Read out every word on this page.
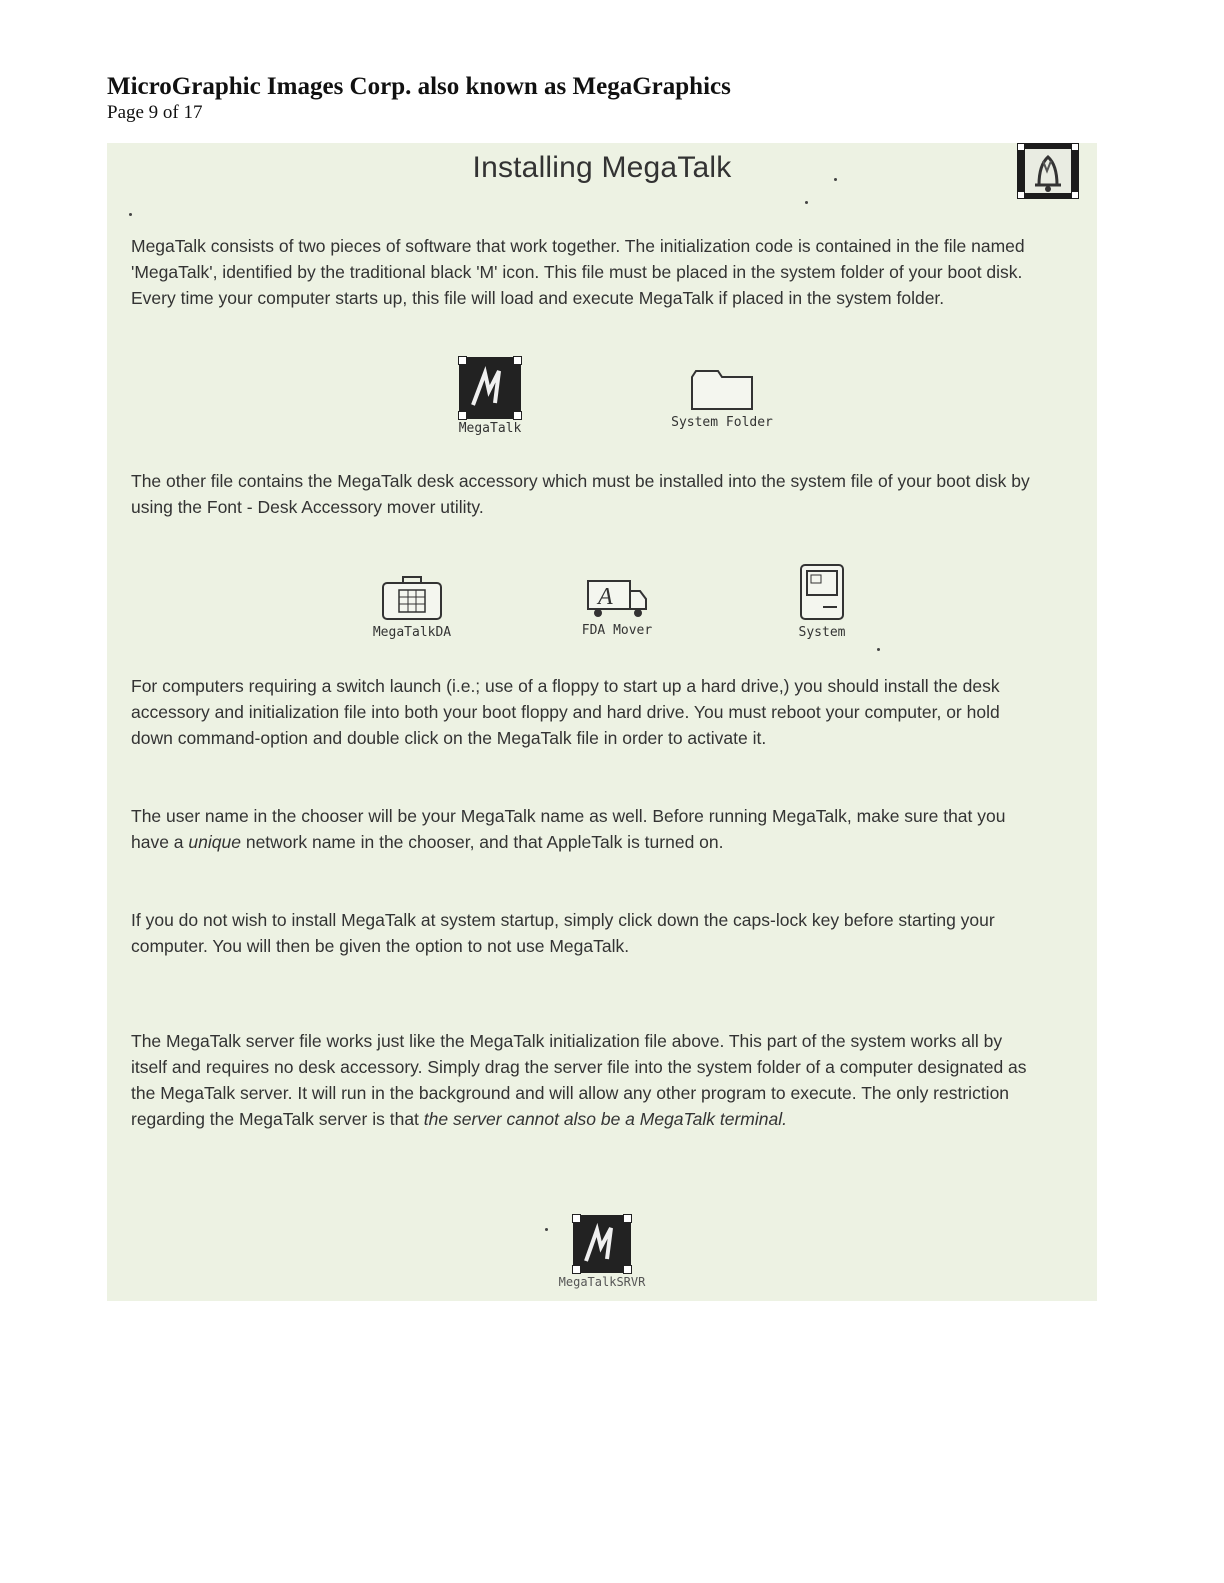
MicroGraphic Images Corp. also known as MegaGraphics

Page 9 of 17

Installing MegaTalk

MegaTalk consists of two pieces of software that work together. The initialization code is contained in the file named 'MegaTalk', identified by the traditional black 'M' icon. This file must be placed in the system folder of your boot disk. Every time your computer starts up, this file will load and execute MegaTalk if placed in the system folder.

MegaTalk	System Folder

The other file contains the MegaTalk desk accessory which must be installed into the system file of your boot disk by using the Font - Desk Accessory mover utility.

MegaTalkDA
A
FDA Mover	System

For computers requiring a switch launch (i.e.; use of a floppy to start up a hard drive,) you should install the desk accessory and initialization file into both your boot floppy and hard drive. You must reboot your computer, or hold down command-option and double click on the MegaTalk file in order to activate it.

The user name in the chooser will be your MegaTalk name as well. Before running MegaTalk, make sure that you have a unique network name in the chooser, and that AppleTalk is turned on.

If you do not wish to install MegaTalk at system startup, simply click down the caps-lock key before starting your computer. You will then be given the option to not use MegaTalk.

The MegaTalk server file works just like the MegaTalk initialization file above. This part of the system works all by itself and requires no desk accessory. Simply drag the server file into the system folder of a computer designated as the MegaTalk server. It will run in the background and will allow any other program to execute. The only restriction regarding the MegaTalk server is that the server cannot also be a MegaTalk terminal.

MegaTalkSRVR
